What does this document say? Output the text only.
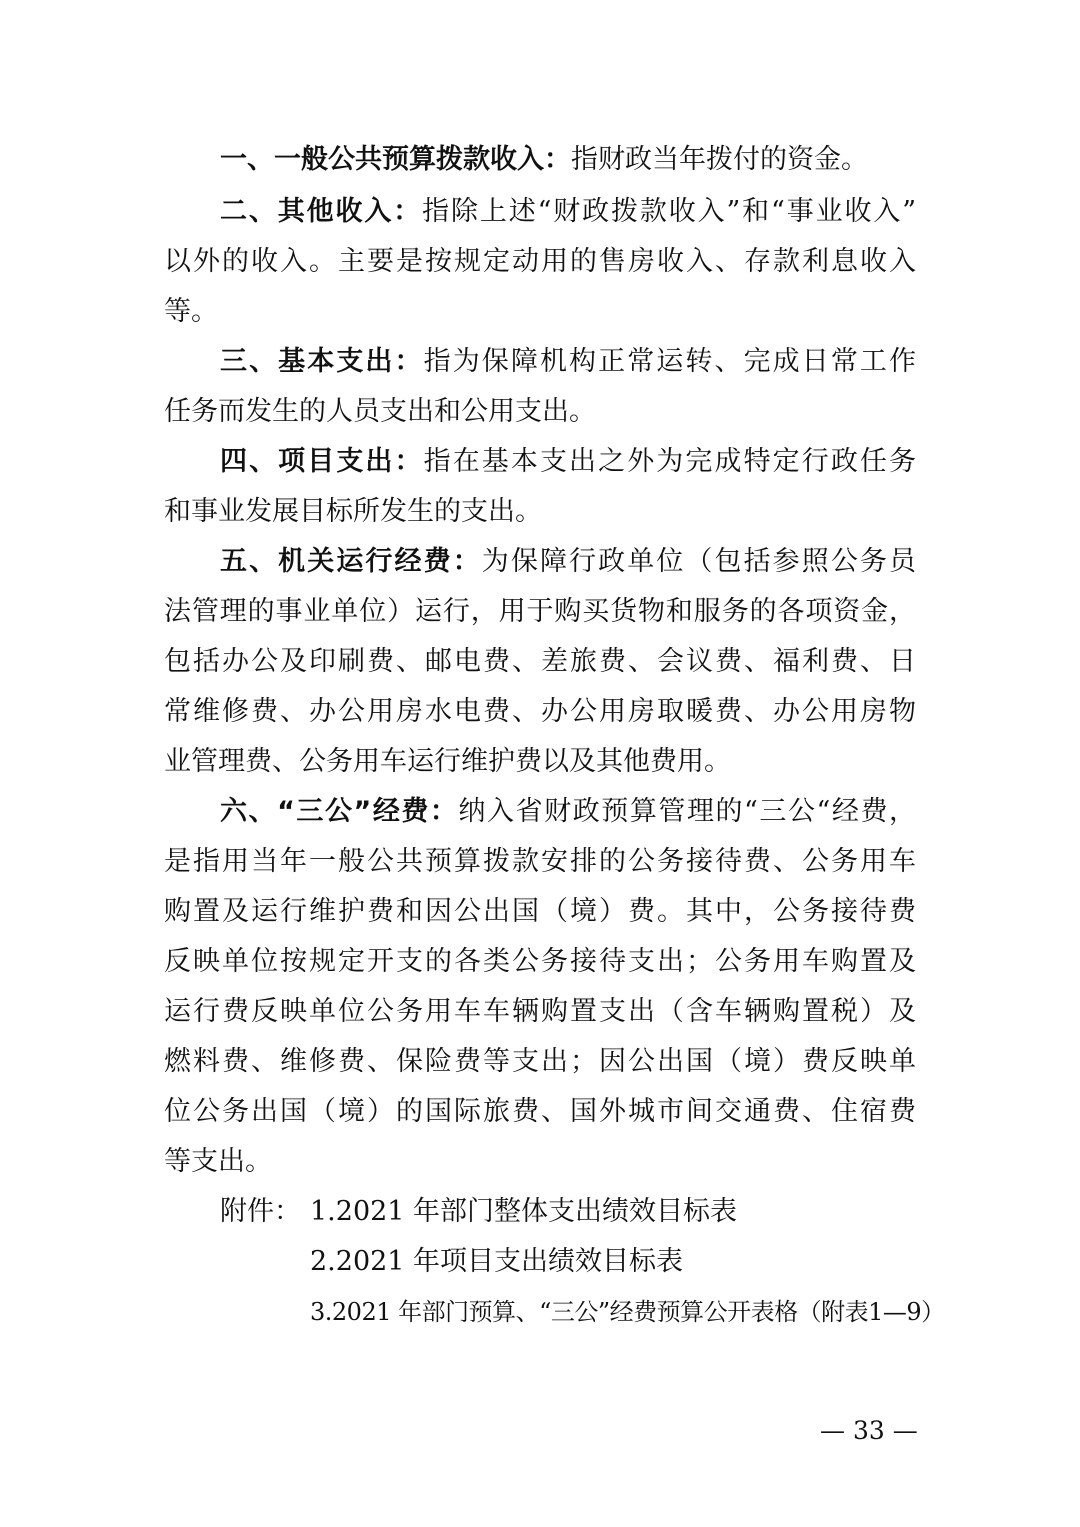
一、一般公共预算拨款收入：指财政当年拨付的资金。
二、其他收入：指除上述“财政拨款收入”和“事业收入”
以外的收入。主要是按规定动用的售房收入、存款利息收入
等。
三、基本支出：指为保障机构正常运转、完成日常工作
任务而发生的人员支出和公用支出。
四、项目支出：指在基本支出之外为完成特定行政任务
和事业发展目标所发生的支出。
五、机关运行经费：为保障行政单位（包括参照公务员
法管理的事业单位）运行，用于购买货物和服务的各项资金，
包括办公及印刷费、邮电费、差旅费、会议费、福利费、日
常维修费、办公用房水电费、办公用房取暖费、办公用房物
业管理费、公务用车运行维护费以及其他费用。
六、“三公”经费：纳入省财政预算管理的“三公“经费，
是指用当年一般公共预算拨款安排的公务接待费、公务用车
购置及运行维护费和因公出国（境）费。其中，公务接待费
反映单位按规定开支的各类公务接待支出；公务用车购置及
运行费反映单位公务用车车辆购置支出（含车辆购置税）及
燃料费、维修费、保险费等支出；因公出国（境）费反映单
位公务出国（境）的国际旅费、国外城市间交通费、住宿费
等支出。
附件： 1.2021 年部门整体支出绩效目标表
2.2021 年项目支出绩效目标表
3.2021 年部门预算、“三公”经费预算公开表格（附表1—9）
— 33 —
